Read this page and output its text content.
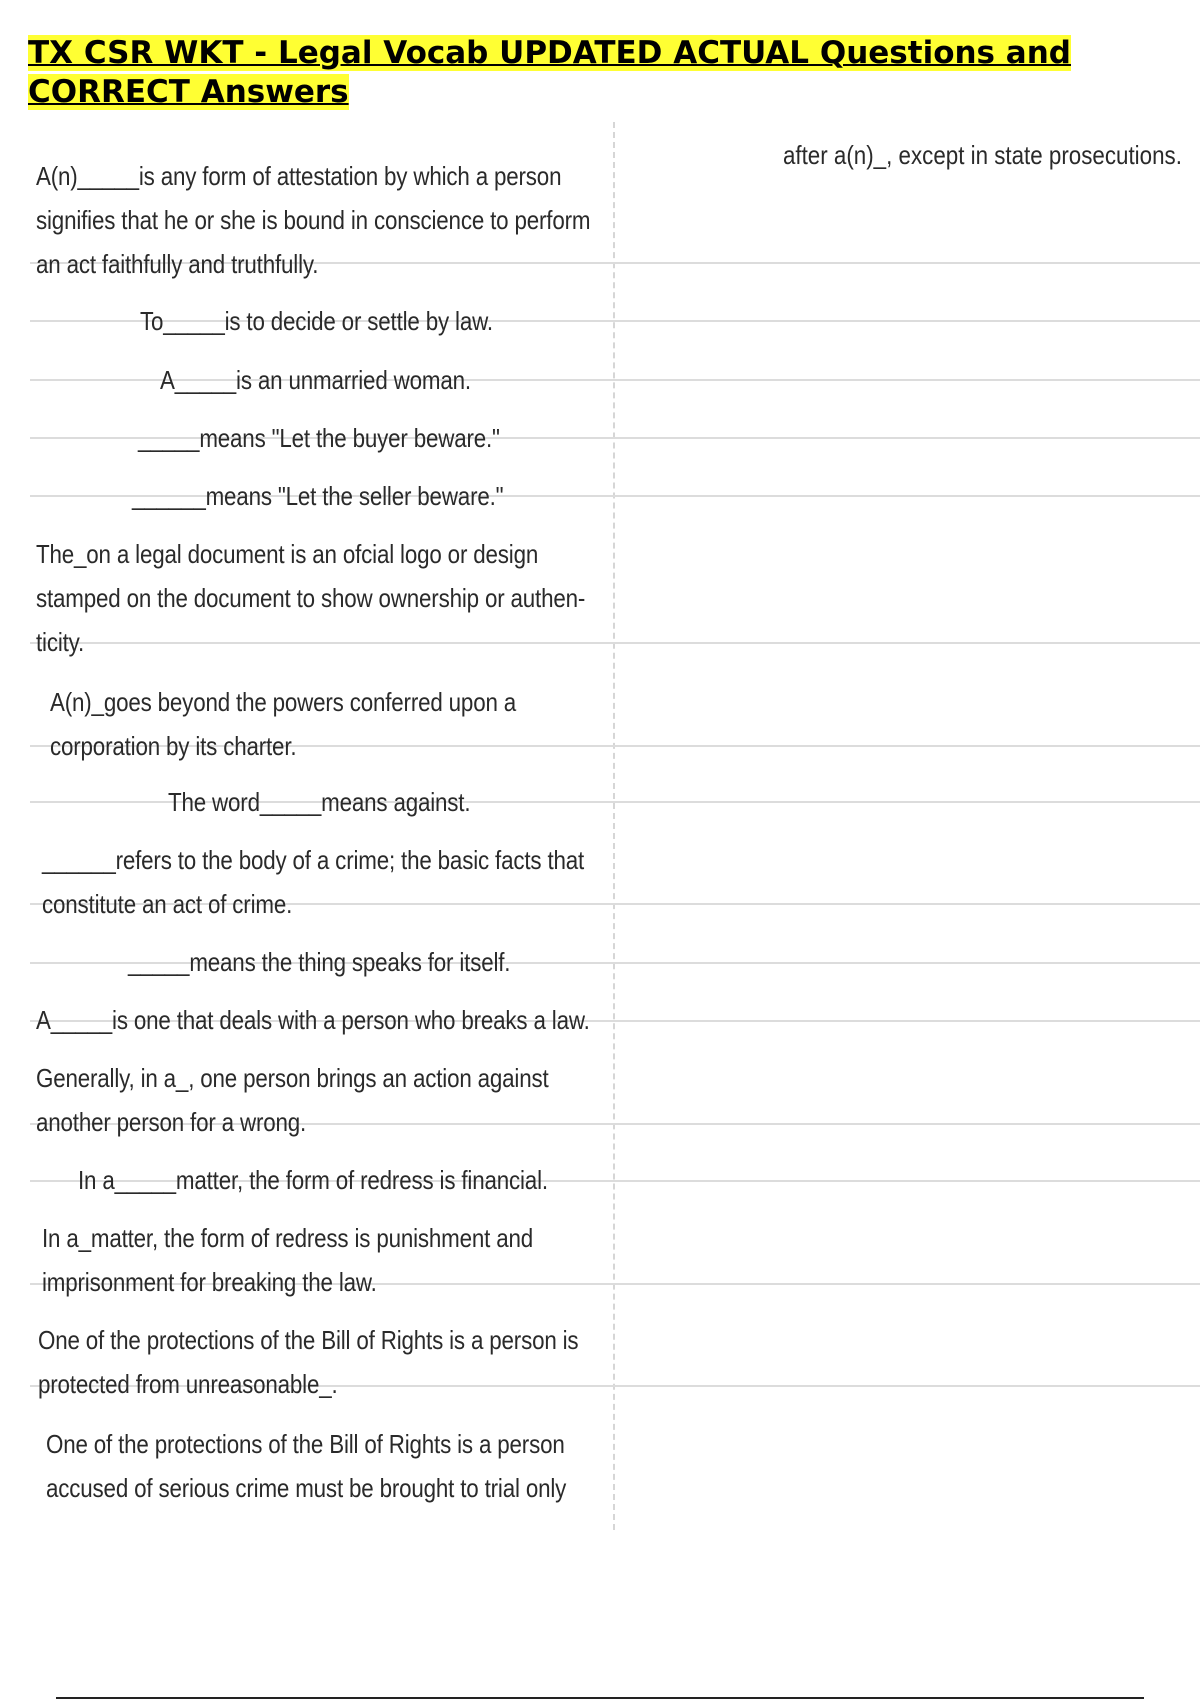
TX CSR WKT - Legal Vocab UPDATED ACTUAL Questions and CORRECT Answers
after a(n)_, except in state prosecutions.
A(n)_____is any form of attestation by which a person
signifies that he or she is bound in conscience to perform
an act faithfully and truthfully.
To_____is to decide or settle by law.
A_____is an unmarried woman.
_____means "Let the buyer beware."
______means "Let the seller beware."
The_on a legal document is an ofcial logo or design
stamped on the document to show ownership or authen-
ticity.
A(n)_goes beyond the powers conferred upon a
corporation by its charter.
The word_____means against.
______refers to the body of a crime; the basic facts that
constitute an act of crime.
_____means the thing speaks for itself.
A_____is one that deals with a person who breaks a law.
Generally, in a_, one person brings an action against
another person for a wrong.
In a_____matter, the form of redress is financial.
In a_matter, the form of redress is punishment and
imprisonment for breaking the law.
One of the protections of the Bill of Rights is a person is
protected from unreasonable_.
One of the protections of the Bill of Rights is a person
accused of serious crime must be brought to trial only
